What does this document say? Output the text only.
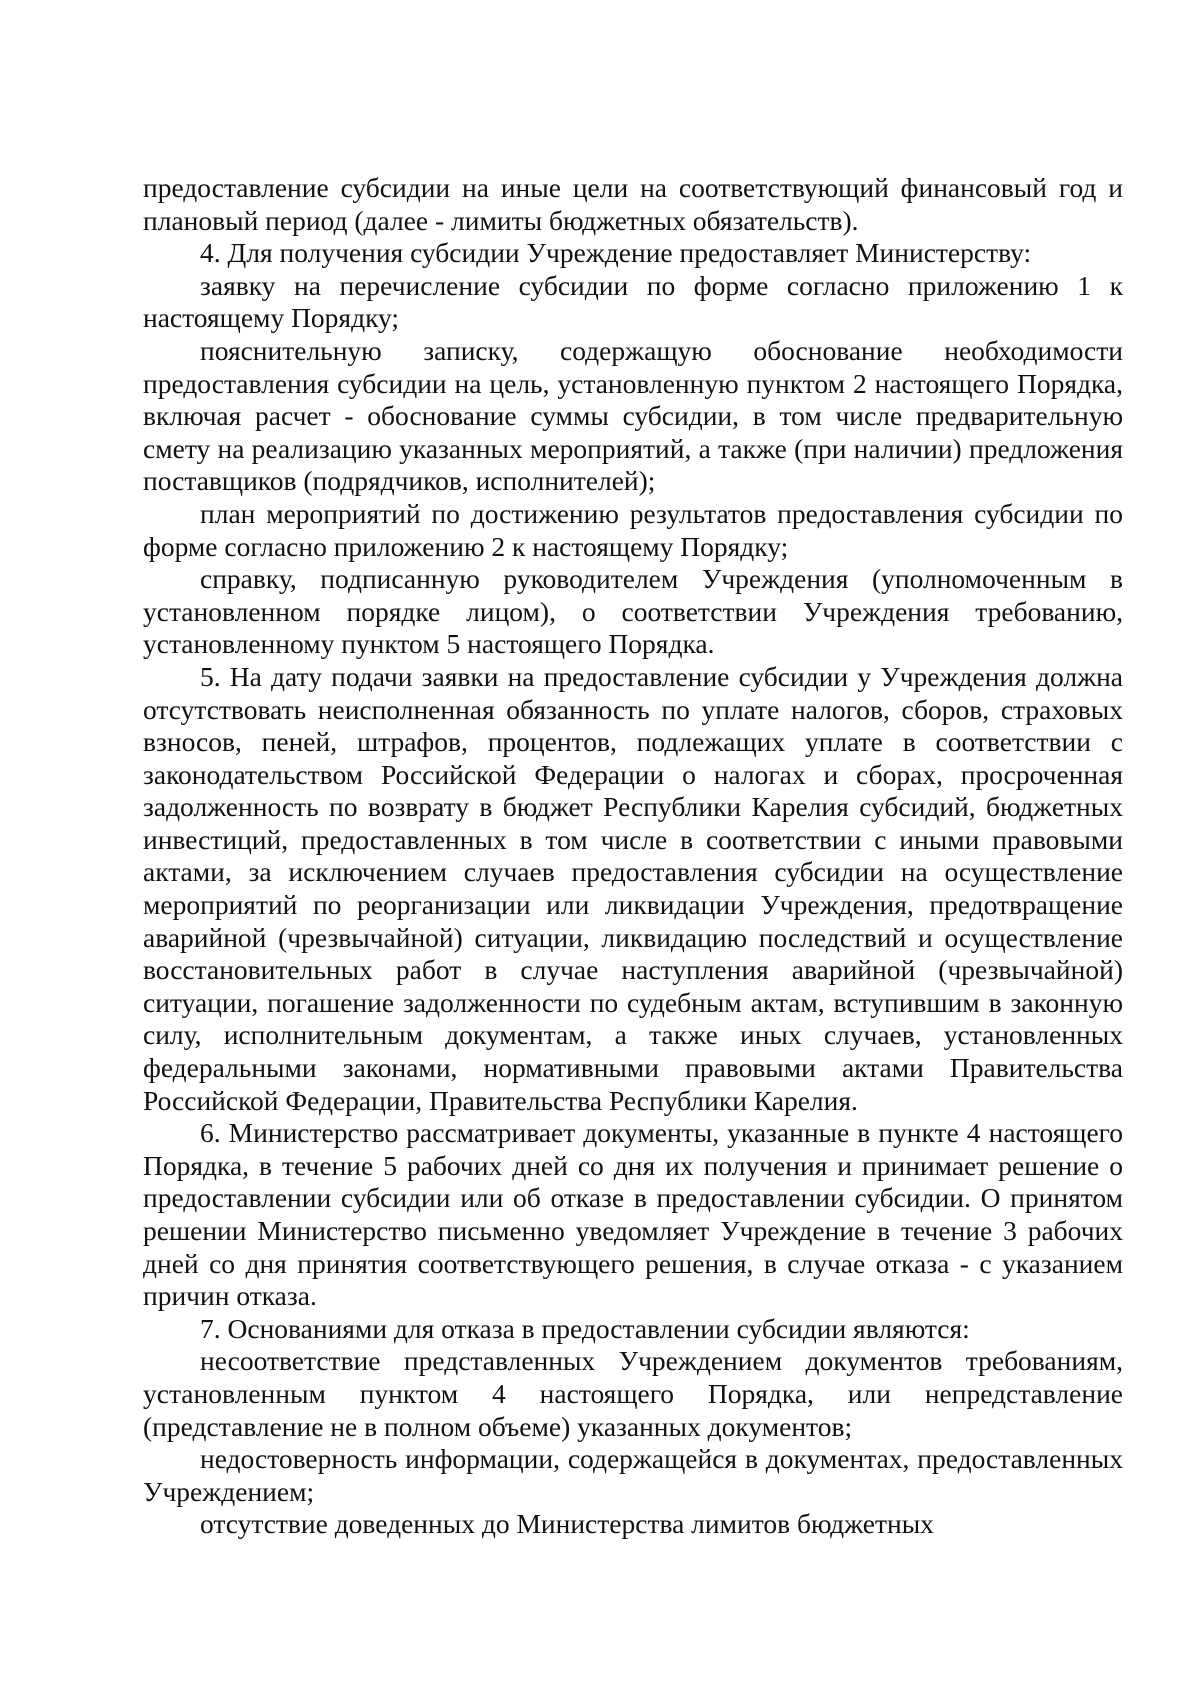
предоставление субсидии на иные цели на соответствующий финансовый год и плановый период (далее - лимиты бюджетных обязательств).

4. Для получения субсидии Учреждение предоставляет Министерству:

заявку на перечисление субсидии по форме согласно приложению 1 к настоящему Порядку;

пояснительную записку, содержащую обоснование необходимости предоставления субсидии на цель, установленную пунктом 2 настоящего Порядка, включая расчет - обоснование суммы субсидии, в том числе предварительную смету на реализацию указанных мероприятий, а также (при наличии) предложения поставщиков (подрядчиков, исполнителей);

план мероприятий по достижению результатов предоставления субсидии по форме согласно приложению 2 к настоящему Порядку;

справку, подписанную руководителем Учреждения (уполномоченным в установленном порядке лицом), о соответствии Учреждения требованию, установленному пунктом 5 настоящего Порядка.

5. На дату подачи заявки на предоставление субсидии у Учреждения должна отсутствовать неисполненная обязанность по уплате налогов, сборов, страховых взносов, пеней, штрафов, процентов, подлежащих уплате в соответствии с законодательством Российской Федерации о налогах и сборах, просроченная задолженность по возврату в бюджет Республики Карелия субсидий, бюджетных инвестиций, предоставленных в том числе в соответствии с иными правовыми актами, за исключением случаев предоставления субсидии на осуществление мероприятий по реорганизации или ликвидации Учреждения, предотвращение аварийной (чрезвычайной) ситуации, ликвидацию последствий и осуществление восстановительных работ в случае наступления аварийной (чрезвычайной) ситуации, погашение задолженности по судебным актам, вступившим в законную силу, исполнительным документам, а также иных случаев, установленных федеральными законами, нормативными правовыми актами Правительства Российской Федерации, Правительства Республики Карелия.

6. Министерство рассматривает документы, указанные в пункте 4 настоящего Порядка, в течение 5 рабочих дней со дня их получения и принимает решение о предоставлении субсидии или об отказе в предоставлении субсидии. О принятом решении Министерство письменно уведомляет Учреждение в течение 3 рабочих дней со дня принятия соответствующего решения, в случае отказа - с указанием причин отказа.

7. Основаниями для отказа в предоставлении субсидии являются:

несоответствие представленных Учреждением документов требованиям, установленным пунктом 4 настоящего Порядка, или непредставление (представление не в полном объеме) указанных документов;

недостоверность информации, содержащейся в документах, предоставленных Учреждением;

отсутствие доведенных до Министерства лимитов бюджетных
